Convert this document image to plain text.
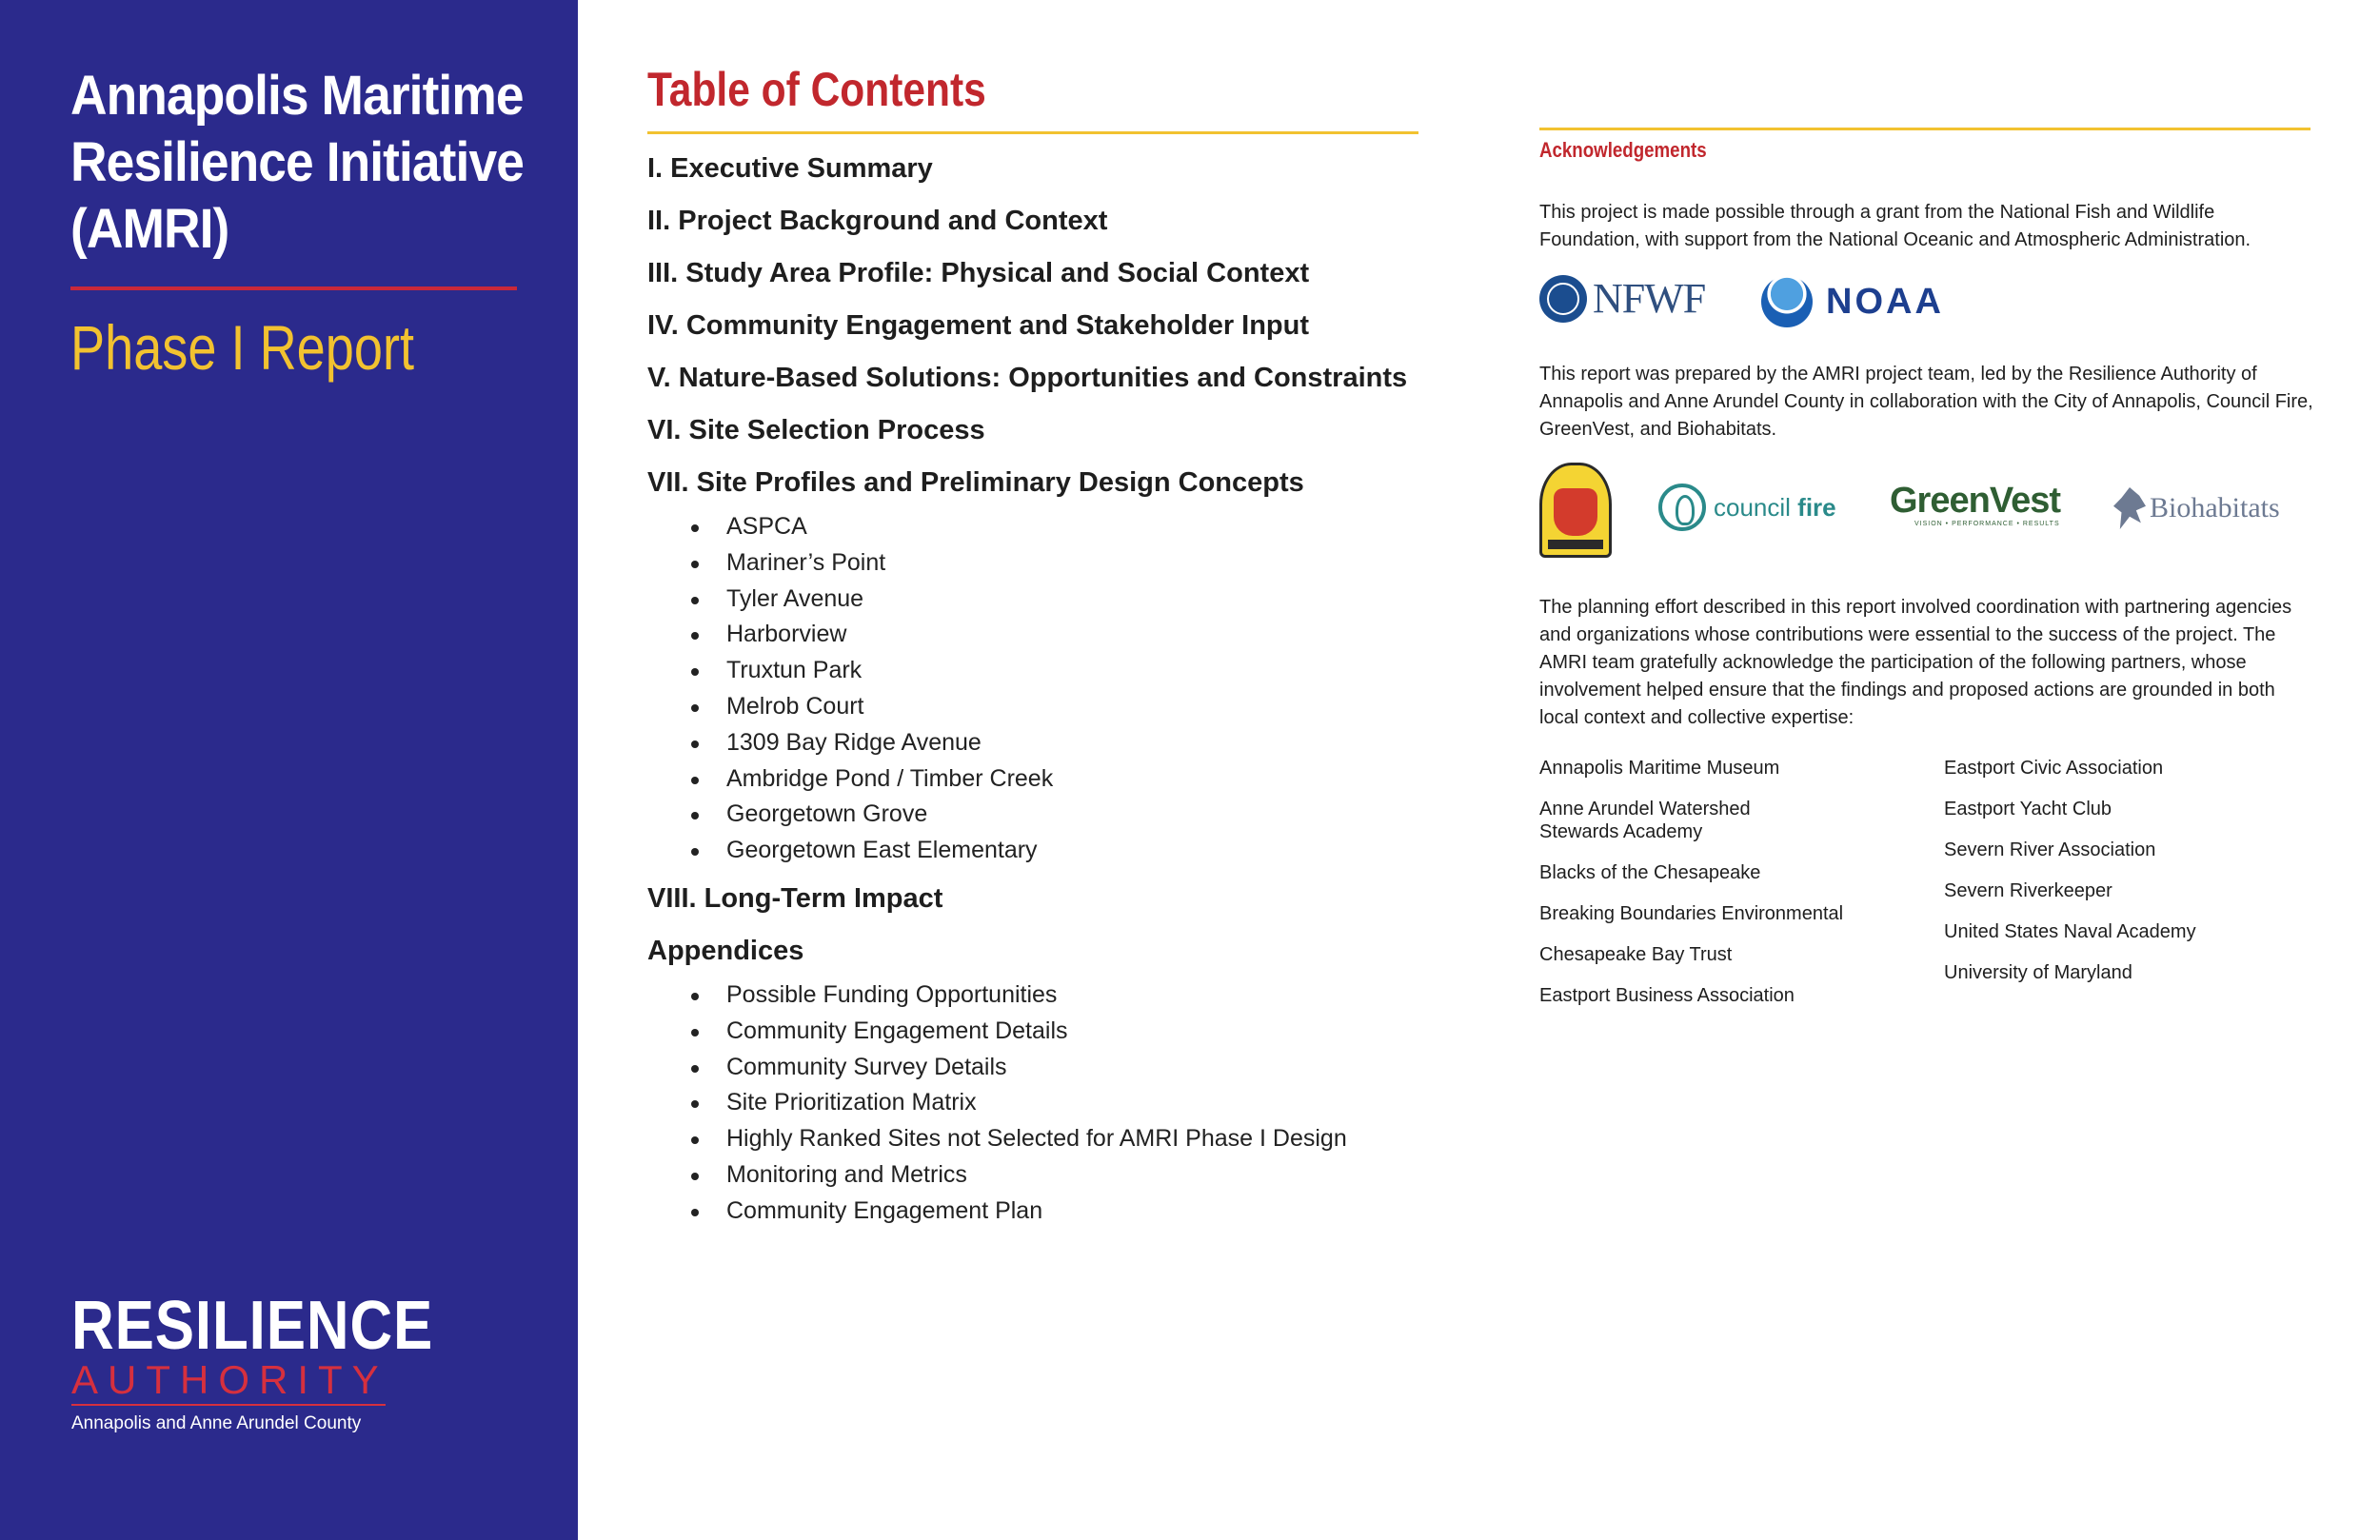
Annapolis Maritime
Resilience Initiative
(AMRI)
Phase I Report
RESILIENCE
AUTHORITY
Annapolis and Anne Arundel County
Table of Contents
I. Executive Summary
II. Project Background and Context
III. Study Area Profile: Physical and Social Context
IV. Community Engagement and Stakeholder Input
V. Nature-Based Solutions: Opportunities and Constraints
VI. Site Selection Process
VII. Site Profiles and Preliminary Design Concepts
ASPCA
Mariner’s Point
Tyler Avenue
Harborview
Truxtun Park
Melrob Court
1309 Bay Ridge Avenue
Ambridge Pond / Timber Creek
Georgetown Grove
Georgetown East Elementary
VIII. Long-Term Impact
Appendices
Possible Funding Opportunities
Community Engagement Details
Community Survey Details
Site Prioritization Matrix
Highly Ranked Sites not Selected for AMRI Phase I Design
Monitoring and Metrics
Community Engagement Plan
Acknowledgements
This project is made possible through a grant from the National Fish and Wildlife Foundation, with support from the National Oceanic and Atmospheric Administration.
NFWF	NOAA
This report was prepared by the AMRI project team, led by the Resilience Authority of Annapolis and Anne Arundel County in collaboration with the City of Annapolis, Council Fire, GreenVest, and Biohabitats.
council fire GreenVest
VISION • PERFORMANCE • RESULTS
Biohabitats
The planning effort described in this report involved coordination with partnering agencies and organizations whose contributions were essential to the success of the project. The AMRI team gratefully acknowledge the participation of the following partners, whose involvement helped ensure that the findings and proposed actions are grounded in both local context and collective expertise:
Annapolis Maritime Museum
Anne Arundel Watershed Stewards Academy
Blacks of the Chesapeake
Breaking Boundaries Environmental
Chesapeake Bay Trust
Eastport Business Association
Eastport Civic Association
Eastport Yacht Club
Severn River Association
Severn Riverkeeper
United States Naval Academy
University of Maryland
